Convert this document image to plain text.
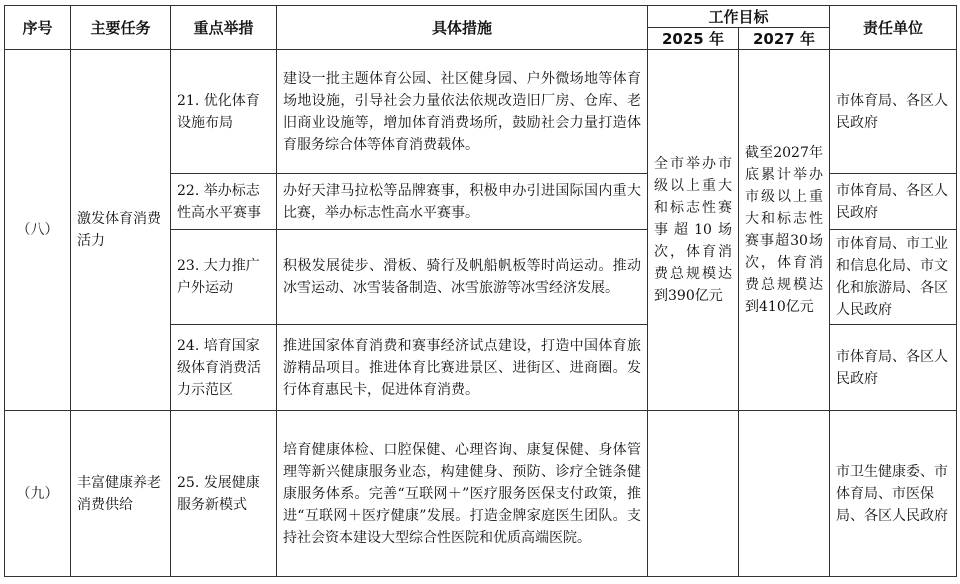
序号	主要任务	重点举措	具体措施	工作目标		责任单位
				2025 年	2027 年	
（八）	激发体育消费活力	21. 优化体育设施布局	建设一批主题体育公园、社区健身园、户外微场地等体育场地设施，引导社会力量依法依规改造旧厂房、仓库、老旧商业设施等，增加体育消费场所，鼓励社会力量打造体育服务综合体等体育消费载体。	全市举办市级以上重大和标志性赛事超10场次，体育消费总规模达到390亿元	截至2027年底累计举办市级以上重大和标志性赛事超30场次，体育消费总规模达到410亿元	市体育局、各区人民政府
		22. 举办标志性高水平赛事	办好天津马拉松等品牌赛事，积极申办引进国际国内重大比赛，举办标志性高水平赛事。			市体育局、各区人民政府
		23. 大力推广户外运动	积极发展徒步、滑板、骑行及帆船帆板等时尚运动。推动冰雪运动、冰雪装备制造、冰雪旅游等冰雪经济发展。			市体育局、市工业和信息化局、市文化和旅游局、各区人民政府
		24. 培育国家级体育消费活力示范区	推进国家体育消费和赛事经济试点建设，打造中国体育旅游精品项目。推进体育比赛进景区、进街区、进商圈。发行体育惠民卡，促进体育消费。			市体育局、各区人民政府
（九）	丰富健康养老消费供给	25. 发展健康服务新模式	培育健康体检、口腔保健、心理咨询、康复保健、身体管理等新兴健康服务业态，构建健身、预防、诊疗全链条健康服务体系。完善“互联网＋”医疗服务医保支付政策，推进“互联网＋医疗健康”发展。打造金牌家庭医生团队。支持社会资本建设大型综合性医院和优质高端医院。			市卫生健康委、市体育局、市医保局、各区人民政府
